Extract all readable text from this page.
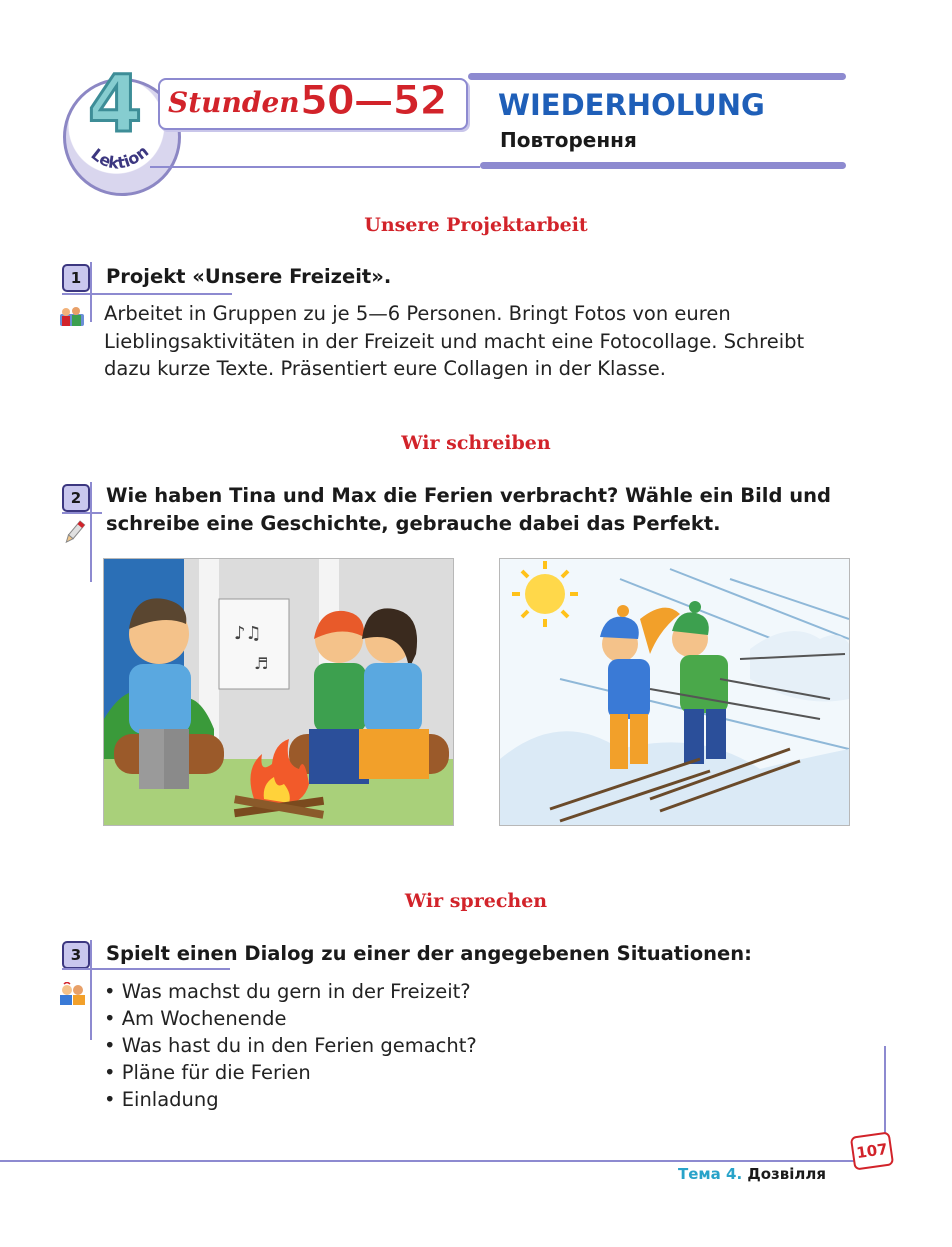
4
Lektion
Stunden 50—52 WIEDERHOLUNG
Повторення
Unsere Projektarbeit
1	Projekt «Unsere Freizeit».
Arbeitet in Gruppen zu je 5—6 Personen. Bringt Fotos von euren
Lieblingsaktivitäten in der Freizeit und macht eine Fotocollage. Schreibt
dazu kurze Texte. Präsentiert eure Collagen in der Klasse.
Wir schreiben
2	Wie haben Tina und Max die Ferien verbracht? Wähle ein Bild und
schreibe eine Geschichte, gebrauche dabei das Perfekt.
♪♫
♬
Wir sprechen
3	Spielt einen Dialog zu einer der angegebenen Situationen:
• Was machst du gern in der Freizeit?
• Am Wochenende
• Was hast du in den Ferien gemacht?
• Pläne für die Ferien
• Einladung
107
Тема 4. Дозвілля
